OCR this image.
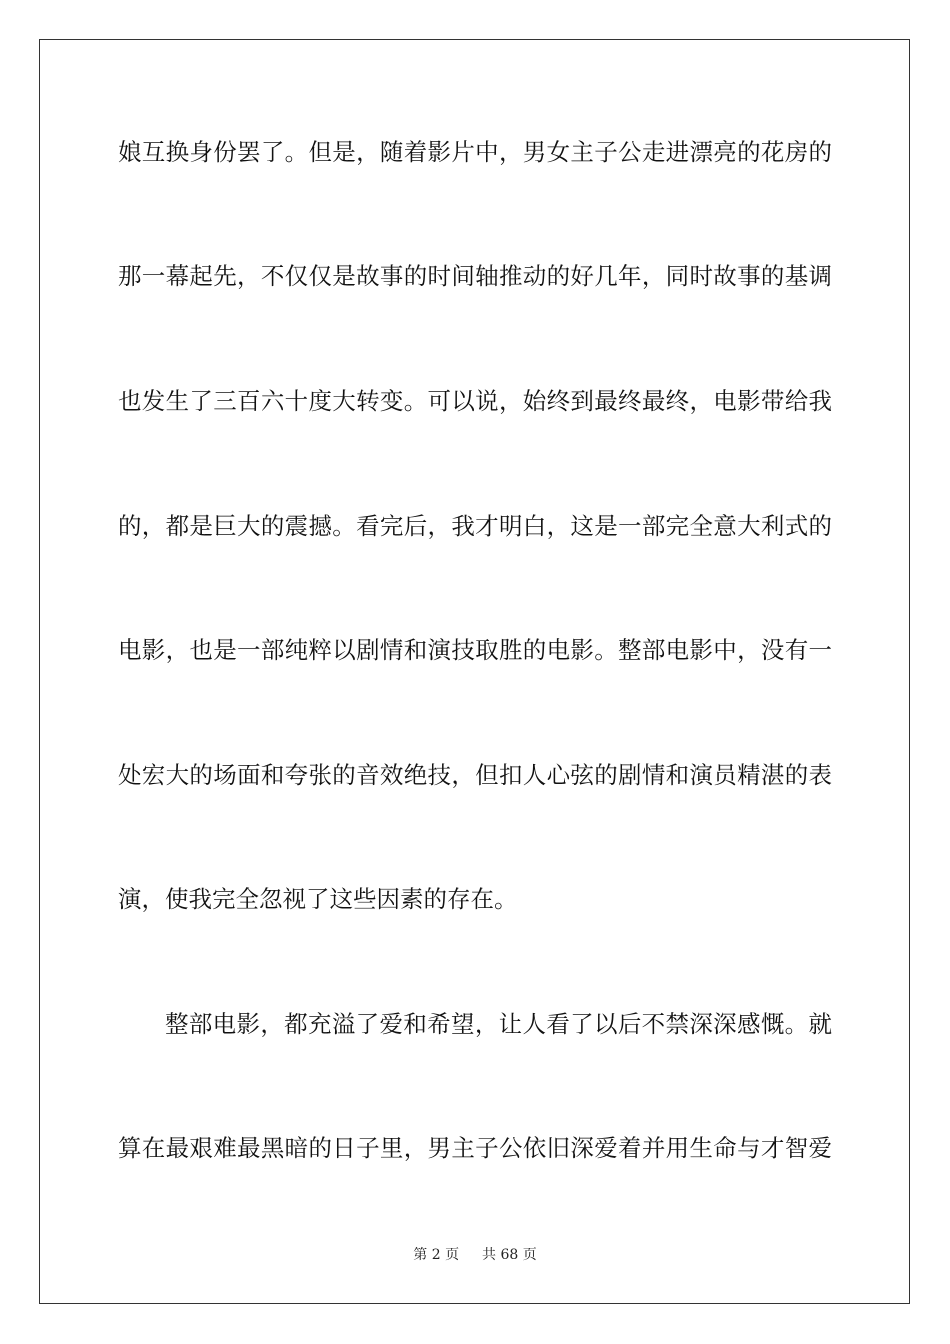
娘互换身份罢了。但是，随着影片中，男女主子公走进漂亮的花房的
那一幕起先，不仅仅是故事的时间轴推动的好几年，同时故事的基调
也发生了三百六十度大转变。可以说，始终到最终最终，电影带给我
的，都是巨大的震撼。看完后，我才明白，这是一部完全意大利式的
电影，也是一部纯粹以剧情和演技取胜的电影。整部电影中，没有一
处宏大的场面和夸张的音效绝技，但扣人心弦的剧情和演员精湛的表
演，使我完全忽视了这些因素的存在。
整部电影，都充溢了爱和希望，让人看了以后不禁深深感慨。就
算在最艰难最黑暗的日子里，男主子公依旧深爱着并用生命与才智爱
第 2 页 共 68 页
